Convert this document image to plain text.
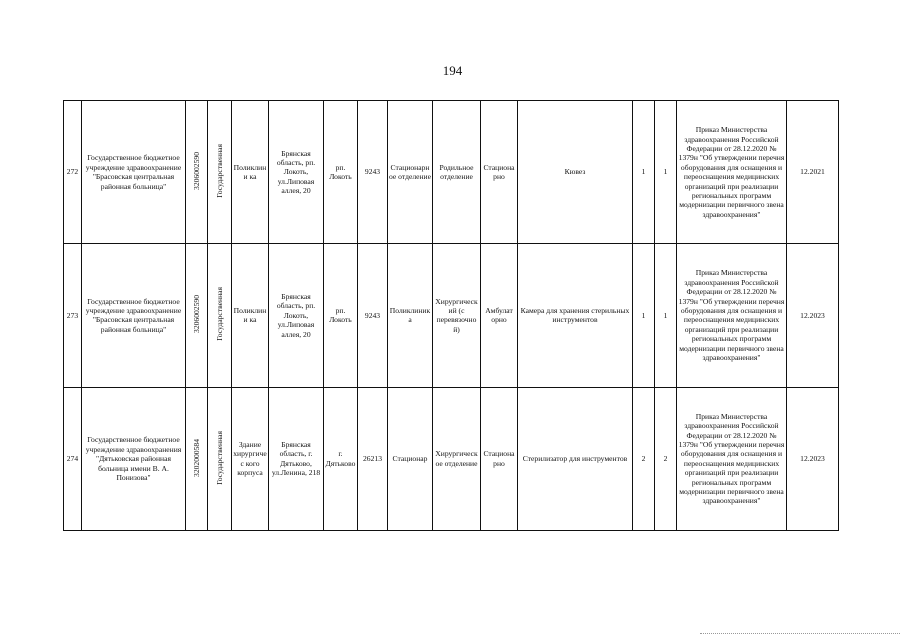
194
272	Государственное бюджетное учреждение здравоохранение "Брасовская центральная районная больница"	3206002590	Государственная	Поликлини ка	Брянская область, рп. Локоть, ул.Липовая аллея, 20	рп. Локоть	9243	Стационарн ое отделение	Родильное отделение	Стациона рно	Кювез	1	1	Приказ Министерства здравоохранения Российской Федерации от 28.12.2020 № 1379н "Об утверждении перечня оборудования для оснащения и переоснащения медицинских организаций при реализации региональных программ модернизации первичного звена здравоохранения"	12.2021
273	Государственное бюджетное учреждение здравоохранение "Брасовская центральная районная больница"	3206002590	Государственная	Поликлини ка	Брянская область, рп. Локоть, ул.Липовая аллея, 20	рп. Локоть	9243	Поликлиник а	Хирургическ ий (с перевязочно й)	Амбулат орно	Камера для хранения стерильных инструментов	1	1	Приказ Министерства здравоохранения Российской Федерации от 28.12.2020 № 1379н "Об утверждении перечня оборудования для оснащения и переоснащения медицинских организаций при реализации региональных программ модернизации первичного звена здравоохранения"	12.2023
274	Государственное бюджетное учреждение здравоохранения "Дятьковская районная больница имени В. А. Понизова"	3202000584	Государственная	Здание хирургичес кого корпуса	Брянская область, г. Дятьково, ул.Ленина, 218	г. Дятьково	26213	Стационар	Хирургическ ое отделение	Стациона рно	Стерилизатор для инструментов	2	2	Приказ Министерства здравоохранения Российской Федерации от 28.12.2020 № 1379н "Об утверждении перечня оборудования для оснащения и переоснащения медицинских организаций при реализации региональных программ модернизации первичного звена здравоохранения"	12.2023
